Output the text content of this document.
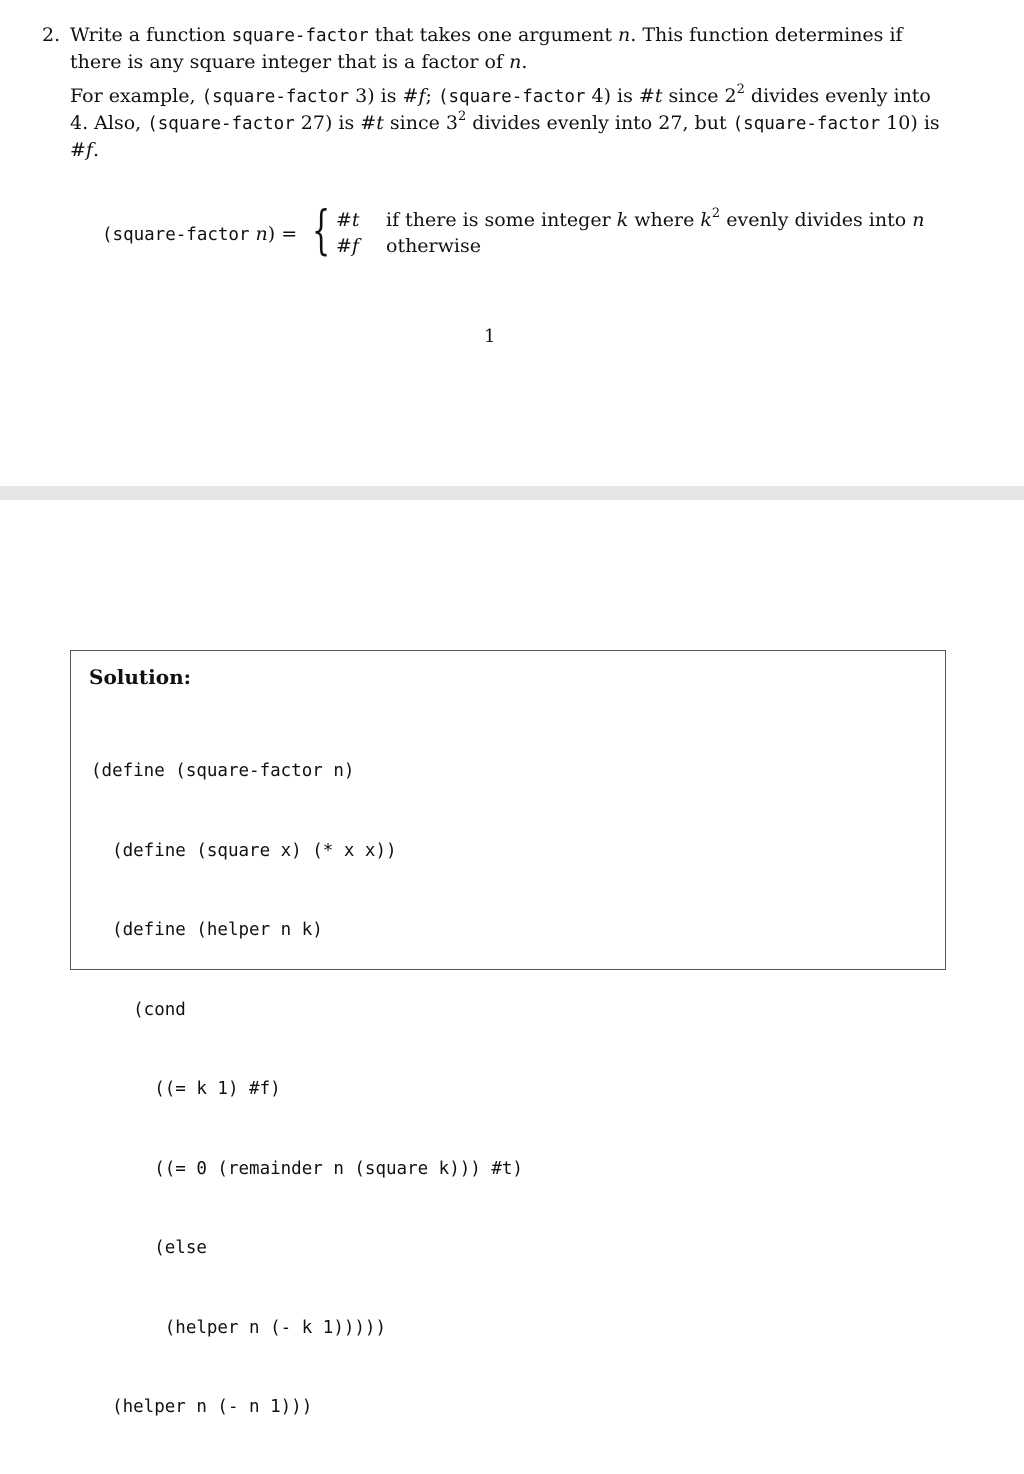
2. Write a function square-factor that takes one argument n. This function determines if there is any square integer that is a factor of n.

For example, (square-factor 3) is #f; (square-factor 4) is #t since $2^2$ divides evenly into 4. Also, (square-factor 27) is #t since $3^2$ divides evenly into 27, but (square-factor 10) is #f.

(square-factor n) = { #t if there is some integer k where $k^2$ evenly divides into n
#f otherwise
1
Solution:

(define (square-factor n)

(define (square x) (* x x))

(define (helper n k)

(cond

((= k 1) #f)

((= 0 (remainder n (square k))) #t)

(else

(helper n (- k 1)))))

(helper n (- n 1)))
